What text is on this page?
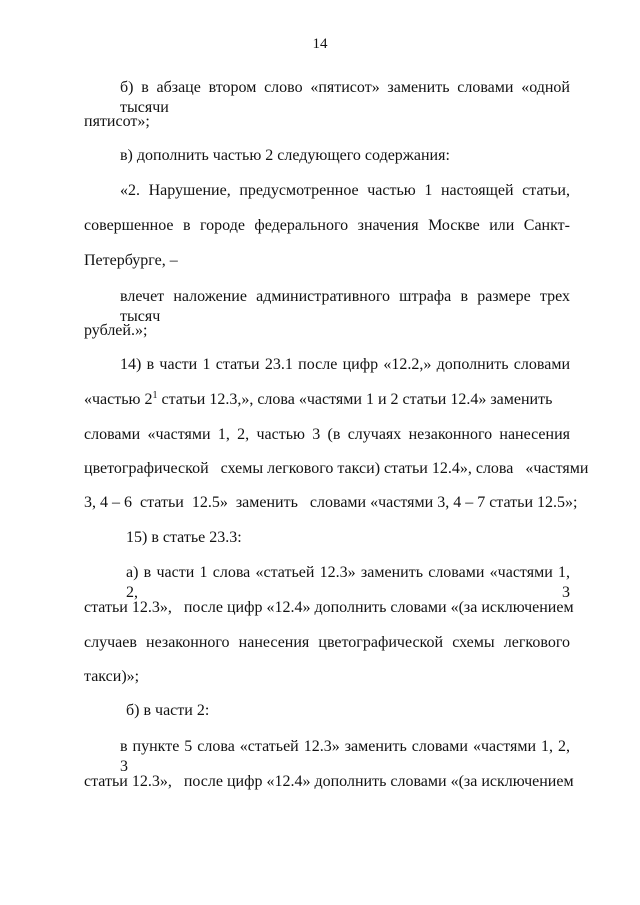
14
б) в абзаце втором слово «пятисот» заменить словами «одной тысячи
пятисот»;
в) дополнить частью 2 следующего содержания:
«2. Нарушение, предусмотренное частью 1 настоящей статьи,
совершенное в городе федерального значения Москве или Санкт-
Петербурге, –
влечет наложение административного штрафа в размере трех тысяч
рублей.»;
14) в части 1 статьи 23.1 после цифр «12.2,» дополнить словами
«частью $2^1$ статьи 12.3,», слова «частями 1 и 2 статьи 12.4» заменить
словами «частями 1, 2, частью 3 (в случаях незаконного нанесения
цветографической   схемы легкового такси) статьи 12.4», слова   «частями
3, 4 – 6  статьи  12.5»  заменить   словами «частями 3, 4 – 7 статьи 12.5»;
15) в статье 23.3:
а) в части 1 слова «статьей 12.3» заменить словами «частями 1, 2, 3
статьи 12.3»,   после цифр «12.4» дополнить словами «(за исключением
случаев незаконного нанесения цветографической схемы легкового
такси)»;
б) в части 2:
в пункте 5 слова «статьей 12.3» заменить словами «частями 1, 2, 3
статьи 12.3»,   после цифр «12.4» дополнить словами «(за исключением
